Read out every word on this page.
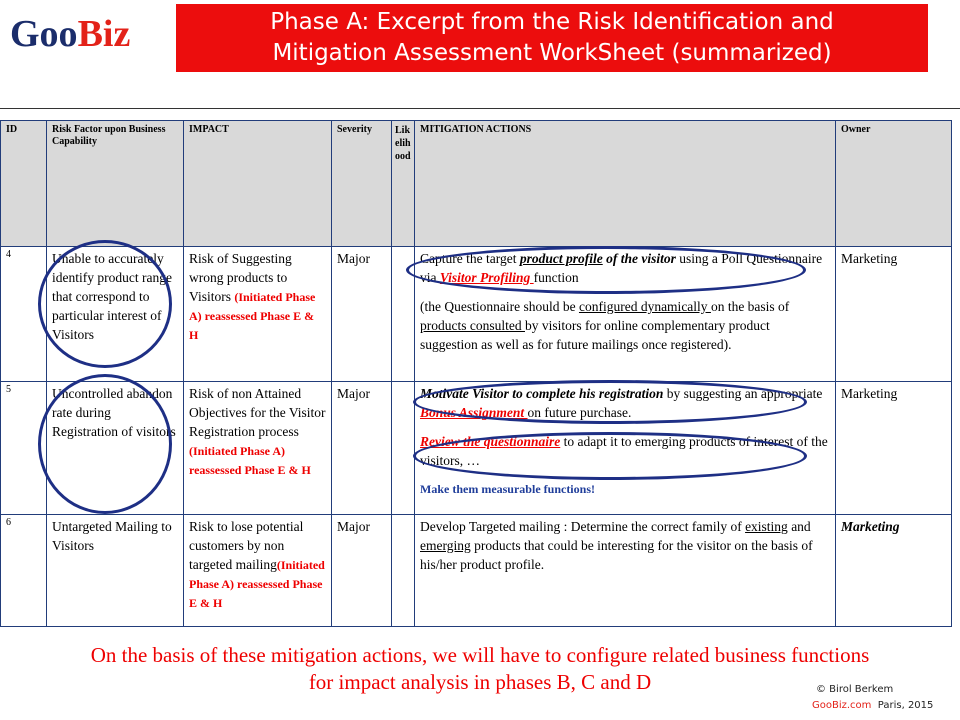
GooBiz	Phase A: Excerpt from the Risk Identification and
Mitigation Assessment WorkSheet (summarized)
ID	Risk Factor upon Business Capability	IMPACT	Severity	Likelihood	MITIGATION ACTIONS	Owner
4	Unable to accurately identify product range that correspond to particular interest of Visitors	Risk of Suggesting wrong products to Visitors (Initiated Phase A) reassessed Phase E & H	Major		Capture the target product profile of the visitor using a Poll Questionnaire via Visitor Profiling function
(the Questionnaire should be configured dynamically on the basis of products consulted by visitors for online complementary product suggestion as well as for future mailings once registered).	Marketing
5	Uncontrolled abandon rate during Registration of visitors	Risk of non Attained Objectives for the Visitor Registration process (Initiated Phase A) reassessed Phase E & H	Major		Motivate Visitor to complete his registration by suggesting an appropriate Bonus Assignment on future purchase.
Review the questionnaire to adapt it to emerging products of interest of the visitors, …
Make them measurable functions!	Marketing
6	Untargeted Mailing to Visitors	Risk to lose potential customers by non targeted mailing(Initiated Phase A) reassessed Phase E & H	Major		Develop Targeted mailing : Determine the correct family of existing and emerging products that could be interesting for the visitor on the basis of his/her product profile.	Marketing
On the basis of these mitigation actions, we will have to configure related business functions
for impact analysis in phases B, C and D	© Birol Berkem
GooBiz.com Paris, 2015
